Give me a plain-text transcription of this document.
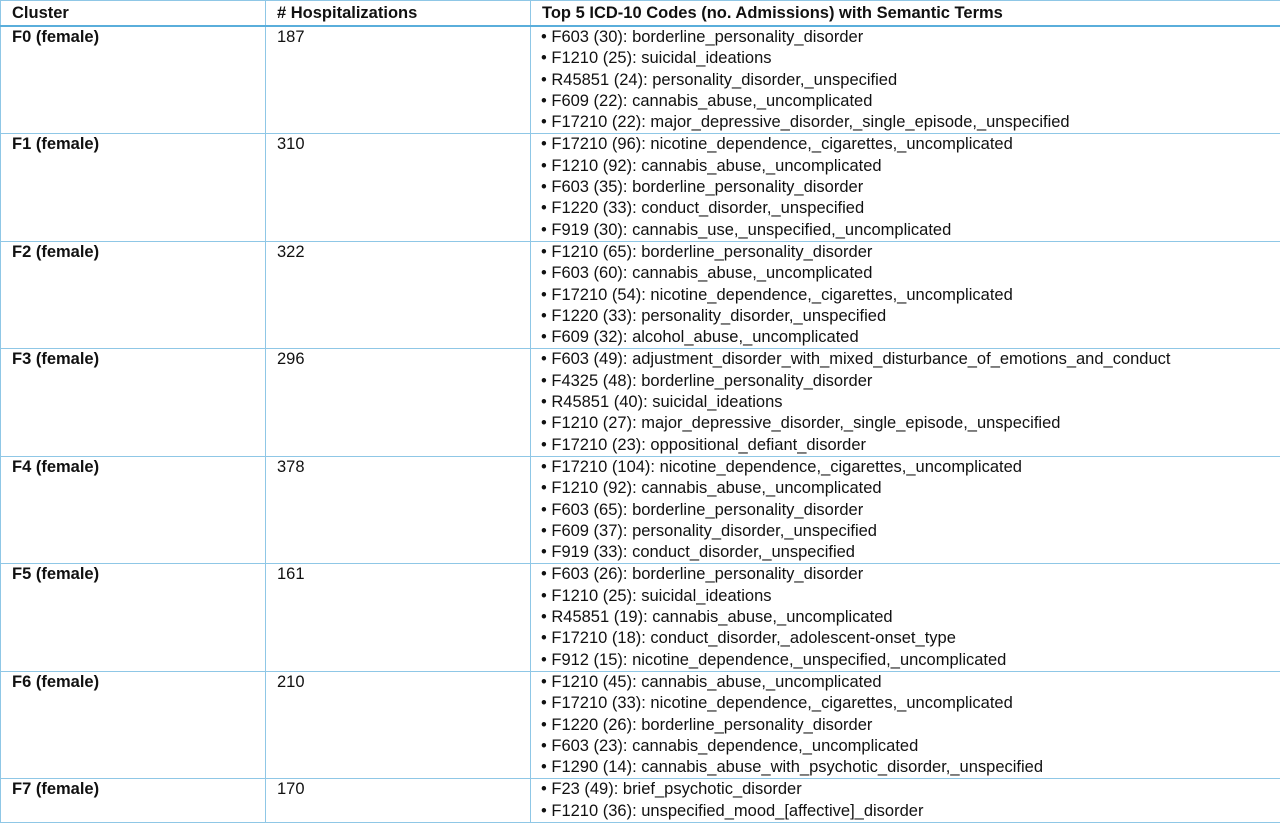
Cluster	# Hospitalizations	Top 5 ICD-10 Codes (no. Admissions) with Semantic Terms
F0 (female)	187	• F603 (30): borderline_personality_disorder
• F1210 (25): suicidal_ideations
• R45851 (24): personality_disorder,_unspecified
• F609 (22): cannabis_abuse,_uncomplicated
• F17210 (22): major_depressive_disorder,_single_episode,_unspecified

F1 (female)	310	• F17210 (96): nicotine_dependence,_cigarettes,_uncomplicated
• F1210 (92): cannabis_abuse,_uncomplicated
• F603 (35): borderline_personality_disorder
• F1220 (33): conduct_disorder,_unspecified
• F919 (30): cannabis_use,_unspecified,_uncomplicated

F2 (female)	322	• F1210 (65): borderline_personality_disorder
• F603 (60): cannabis_abuse,_uncomplicated
• F17210 (54): nicotine_dependence,_cigarettes,_uncomplicated
• F1220 (33): personality_disorder,_unspecified
• F609 (32): alcohol_abuse,_uncomplicated

F3 (female)	296	• F603 (49): adjustment_disorder_with_mixed_disturbance_of_emotions_and_conduct
• F4325 (48): borderline_personality_disorder
• R45851 (40): suicidal_ideations
• F1210 (27): major_depressive_disorder,_single_episode,_unspecified
• F17210 (23): oppositional_defiant_disorder

F4 (female)	378	• F17210 (104): nicotine_dependence,_cigarettes,_uncomplicated
• F1210 (92): cannabis_abuse,_uncomplicated
• F603 (65): borderline_personality_disorder
• F609 (37): personality_disorder,_unspecified
• F919 (33): conduct_disorder,_unspecified

F5 (female)	161	• F603 (26): borderline_personality_disorder
• F1210 (25): suicidal_ideations
• R45851 (19): cannabis_abuse,_uncomplicated
• F17210 (18): conduct_disorder,_adolescent-onset_type
• F912 (15): nicotine_dependence,_unspecified,_uncomplicated

F6 (female)	210	• F1210 (45): cannabis_abuse,_uncomplicated
• F17210 (33): nicotine_dependence,_cigarettes,_uncomplicated
• F1220 (26): borderline_personality_disorder
• F603 (23): cannabis_dependence,_uncomplicated
• F1290 (14): cannabis_abuse_with_psychotic_disorder,_unspecified

F7 (female)	170	• F23 (49): brief_psychotic_disorder
• F1210 (36): unspecified_mood_[affective]_disorder
